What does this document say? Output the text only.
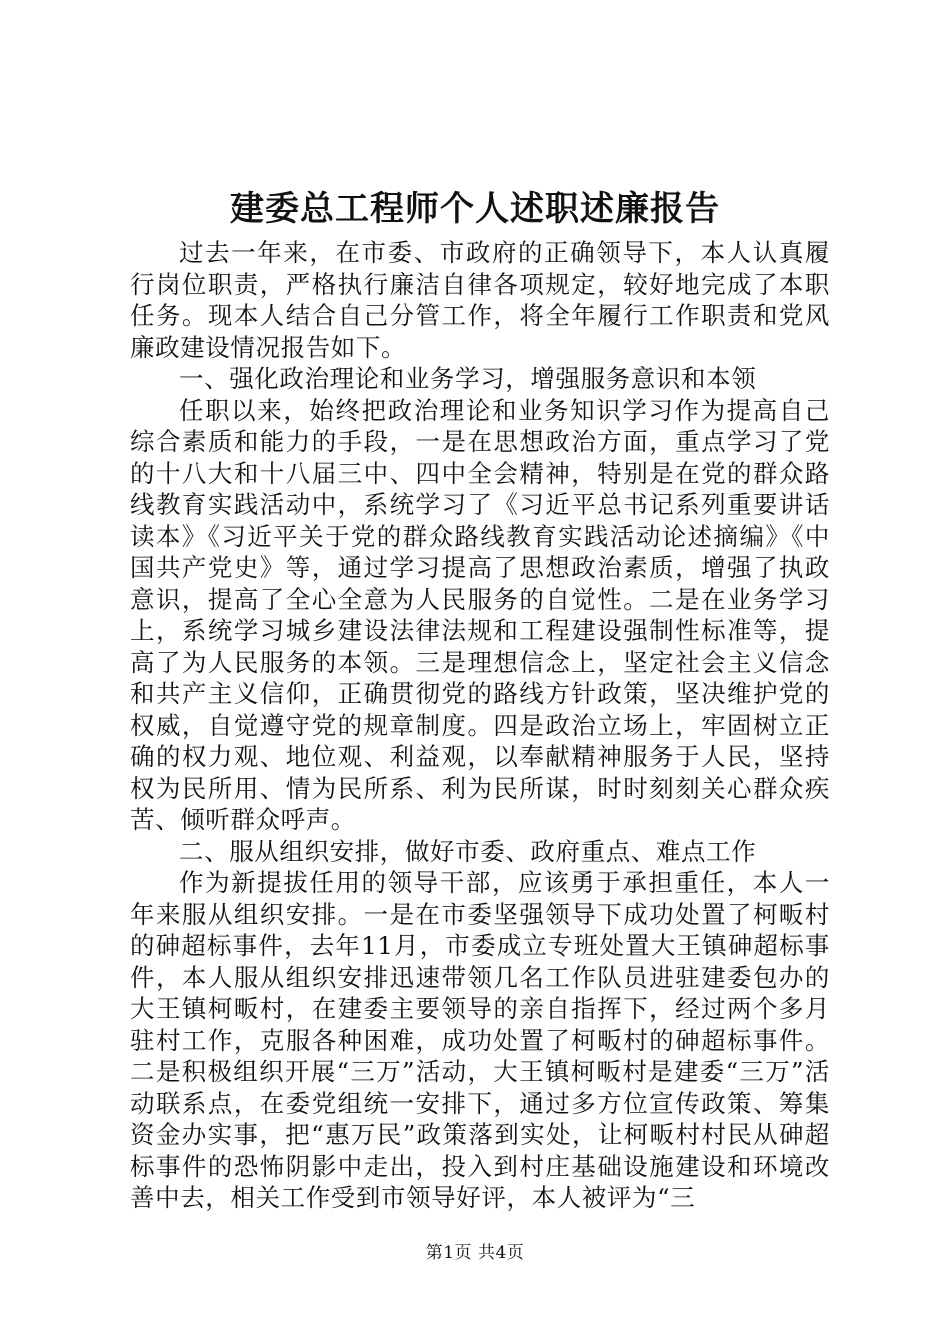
建委总工程师个人述职述廉报告

过去一年来，在市委、市政府的正确领导下，本人认真履行岗位职责，严格执行廉洁自律各项规定，较好地完成了本职任务。现本人结合自己分管工作，将全年履行工作职责和党风廉政建设情况报告如下。

一、强化政治理论和业务学习，增强服务意识和本领

任职以来，始终把政治理论和业务知识学习作为提高自己综合素质和能力的手段，一是在思想政治方面，重点学习了党的十八大和十八届三中、四中全会精神，特别是在党的群众路线教育实践活动中，系统学习了《习近平总书记系列重要讲话读本》《习近平关于党的群众路线教育实践活动论述摘编》《中国共产党史》等，通过学习提高了思想政治素质，增强了执政意识，提高了全心全意为人民服务的自觉性。二是在业务学习上，系统学习城乡建设法律法规和工程建设强制性标准等，提高了为人民服务的本领。三是理想信念上，坚定社会主义信念和共产主义信仰，正确贯彻党的路线方针政策，坚决维护党的权威，自觉遵守党的规章制度。四是政治立场上，牢固树立正确的权力观、地位观、利益观，以奉献精神服务于人民，坚持权为民所用、情为民所系、利为民所谋，时时刻刻关心群众疾苦、倾听群众呼声。

二、服从组织安排，做好市委、政府重点、难点工作

作为新提拔任用的领导干部，应该勇于承担重任，本人一年来服从组织安排。一是在市委坚强领导下成功处置了柯畈村的砷超标事件，去年11月，市委成立专班处置大王镇砷超标事件，本人服从组织安排迅速带领几名工作队员进驻建委包办的大王镇柯畈村，在建委主要领导的亲自指挥下，经过两个多月驻村工作，克服各种困难，成功处置了柯畈村的砷超标事件。二是积极组织开展“三万”活动，大王镇柯畈村是建委“三万”活动联系点，在委党组统一安排下，通过多方位宣传政策、筹集资金办实事，把“惠万民”政策落到实处，让柯畈村村民从砷超标事件的恐怖阴影中走出，投入到村庄基础设施建设和环境改善中去，相关工作受到市领导好评，本人被评为“三

第1页 共4页
